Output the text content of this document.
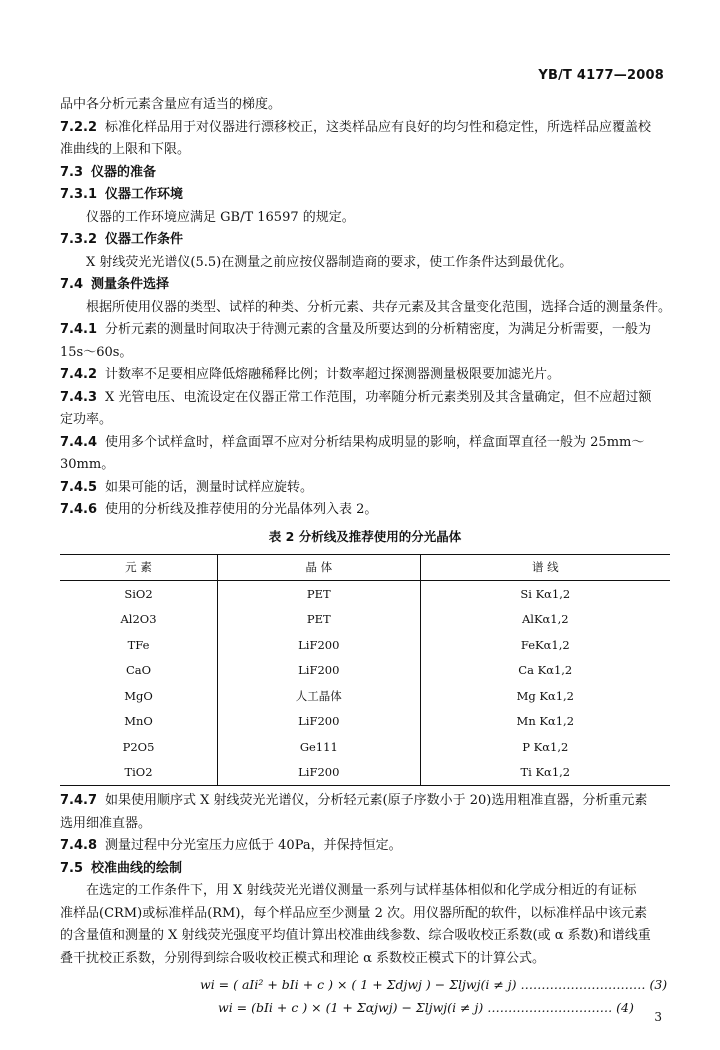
YB/T 4177—2008
品中各分析元素含量应有适当的梯度。
7.2.2 标准化样品用于对仪器进行漂移校正，这类样品应有良好的均匀性和稳定性，所选样品应覆盖校
准曲线的上限和下限。
7.3 仪器的准备
7.3.1 仪器工作环境
仪器的工作环境应满足 GB/T 16597 的规定。
7.3.2 仪器工作条件
X 射线荧光光谱仪(5.5)在测量之前应按仪器制造商的要求，使工作条件达到最优化。
7.4 测量条件选择
根据所使用仪器的类型、试样的种类、分析元素、共存元素及其含量变化范围，选择合适的测量条件。
7.4.1 分析元素的测量时间取决于待测元素的含量及所要达到的分析精密度，为满足分析需要，一般为
15s～60s。
7.4.2 计数率不足要相应降低熔融稀释比例；计数率超过探测器测量极限要加滤光片。
7.4.3 X 光管电压、电流设定在仪器正常工作范围，功率随分析元素类别及其含量确定，但不应超过额
定功率。
7.4.4 使用多个试样盒时，样盒面罩不应对分析结果构成明显的影响，样盒面罩直径一般为 25mm～
30mm。
7.4.5 如果可能的话，测量时试样应旋转。
7.4.6 使用的分析线及推荐使用的分光晶体列入表 2。
表 2 分析线及推荐使用的分光晶体
元 素	晶 体	谱 线
SiO2	PET	Si Kα1,2
Al2O3	PET	AlKα1,2
TFe	LiF200	FeKα1,2
CaO	LiF200	Ca Kα1,2
MgO	人工晶体	Mg Kα1,2
MnO	LiF200	Mn Kα1,2
P2O5	Ge111	P Kα1,2
TiO2	LiF200	Ti Kα1,2
7.4.7 如果使用顺序式 X 射线荧光光谱仪，分析轻元素(原子序数小于 20)选用粗准直器，分析重元素
选用细准直器。
7.4.8 测量过程中分光室压力应低于 40Pa，并保持恒定。
7.5 校准曲线的绘制
在选定的工作条件下，用 X 射线荧光光谱仪测量一系列与试样基体相似和化学成分相近的有证标
准样品(CRM)或标准样品(RM)，每个样品应至少测量 2 次。用仪器所配的软件，以标准样品中该元素
的含量值和测量的 X 射线荧光强度平均值计算出校准曲线参数、综合吸收校正系数(或 α 系数)和谱线重
叠干扰校正系数，分别得到综合吸收校正模式和理论 α 系数校正模式下的计算公式。
wi = ( aIi² + bIi + c ) × ( 1 + Σdjwj ) − Σljwj(i ≠ j) ………………………… (3)
wi = (bIi + c ) × (1 + Σαjwj) − Σljwj(i ≠ j) ………………………… (4)
3
